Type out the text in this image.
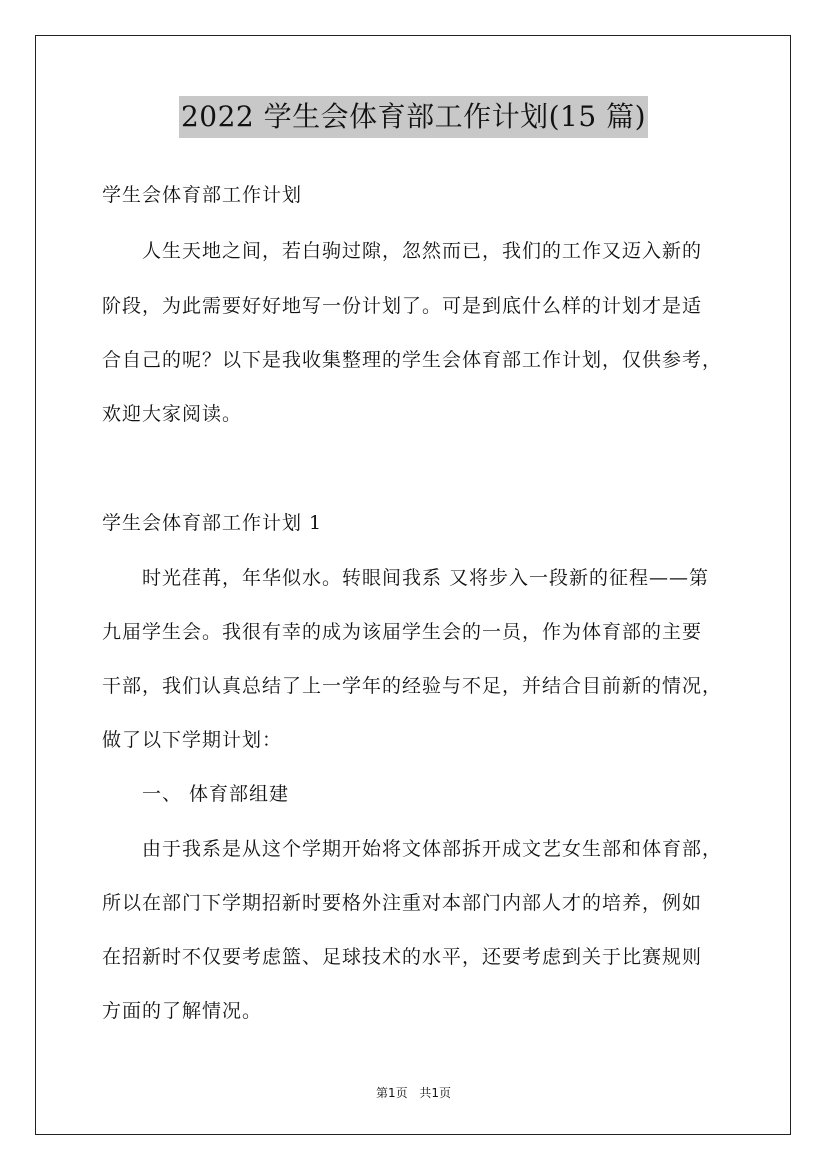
2022 学生会体育部工作计划(15 篇)
学生会体育部工作计划
人生天地之间，若白驹过隙，忽然而已，我们的工作又迈入新的
阶段，为此需要好好地写一份计划了。可是到底什么样的计划才是适
合自己的呢？以下是我收集整理的学生会体育部工作计划，仅供参考，
欢迎大家阅读。
学生会体育部工作计划 1
时光荏苒，年华似水。转眼间我系 又将步入一段新的征程——第
九届学生会。我很有幸的成为该届学生会的一员，作为体育部的主要
干部，我们认真总结了上一学年的经验与不足，并结合目前新的情况，
做了以下学期计划：
一、 体育部组建
由于我系是从这个学期开始将文体部拆开成文艺女生部和体育部，
所以在部门下学期招新时要格外注重对本部门内部人才的培养，例如
在招新时不仅要考虑篮、足球技术的水平，还要考虑到关于比赛规则
方面的了解情况。
第1页 共1页
